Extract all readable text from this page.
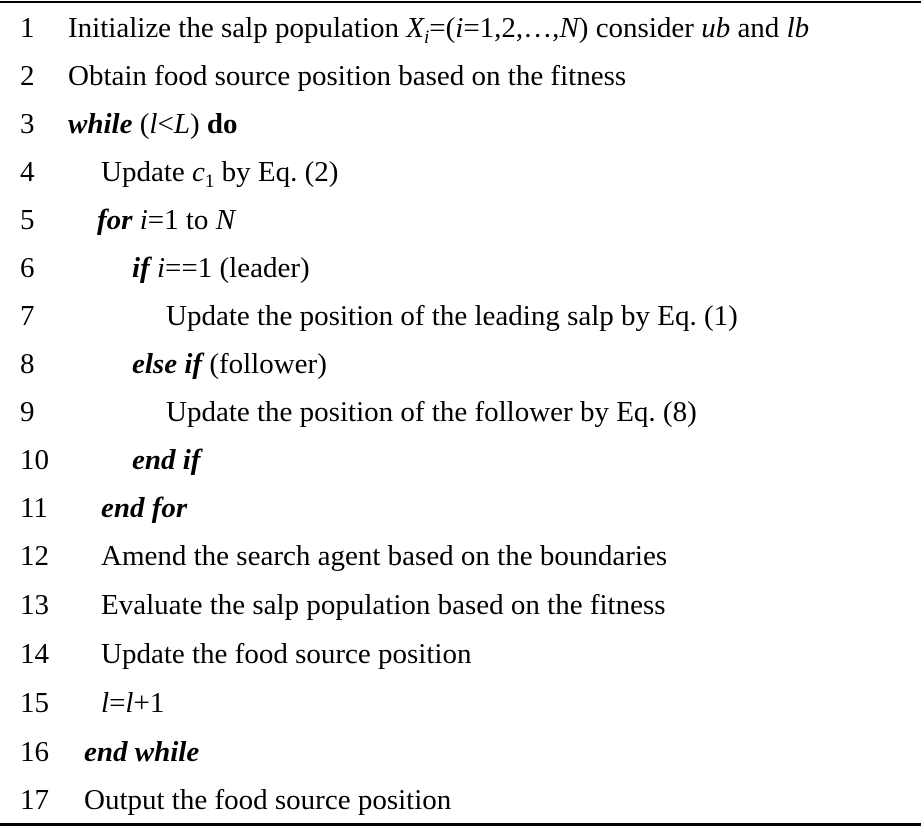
1 Initialize the salp population $X_i=(i=1,2,\dots,N)$ consider ub and lb
2 Obtain food source position based on the fitness
3 while (l<L) do
4 Update $c_1$ by Eq. (2)
5 for i=1 to N
6	if i==1 (leader)
7	Update the position of the leading salp by Eq. (1)
8	else if (follower)
9	Update the position of the follower by Eq. (8)
10	end if
11 end for
12 Amend the search agent based on the boundaries
13 Evaluate the salp population based on the fitness
14 Update the food source position
15 l=l+1
16 end while
17 Output the food source position
